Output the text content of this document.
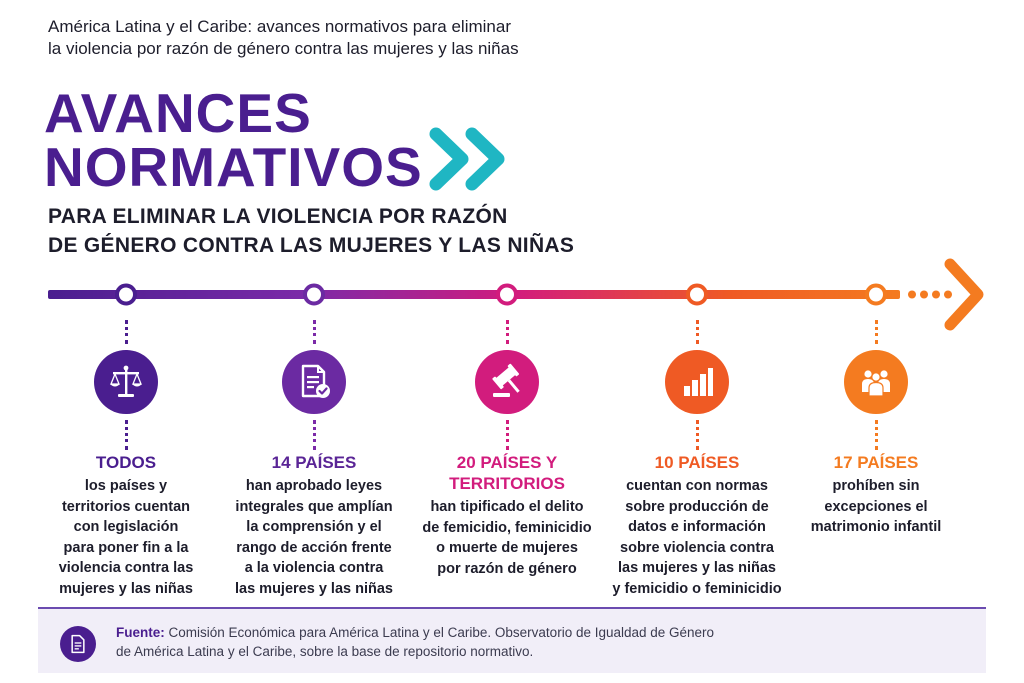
América Latina y el Caribe: avances normativos para eliminar
la violencia por razón de género contra las mujeres y las niñas
AVANCES
NORMATIVOS
PARA ELIMINAR LA VIOLENCIA POR RAZÓN
DE GÉNERO CONTRA LAS MUJERES Y LAS NIÑAS
TODOS
los países y
territorios cuentan
con legislación
para poner fin a la
violencia contra las
mujeres y las niñas
14 PAÍSES
han aprobado leyes
integrales que amplían
la comprensión y el
rango de acción frente
a la violencia contra
las mujeres y las niñas
20 PAÍSES Y
TERRITORIOS
han tipificado el delito
de femicidio, feminicidio
o muerte de mujeres
por razón de género
10 PAÍSES
cuentan con normas
sobre producción de
datos e información
sobre violencia contra
las mujeres y las niñas
y femicidio o feminicidio
17 PAÍSES
prohíben sin
excepciones el
matrimonio infantil
Fuente: Comisión Económica para América Latina y el Caribe. Observatorio de Igualdad de Género
de América Latina y el Caribe, sobre la base de repositorio normativo.
